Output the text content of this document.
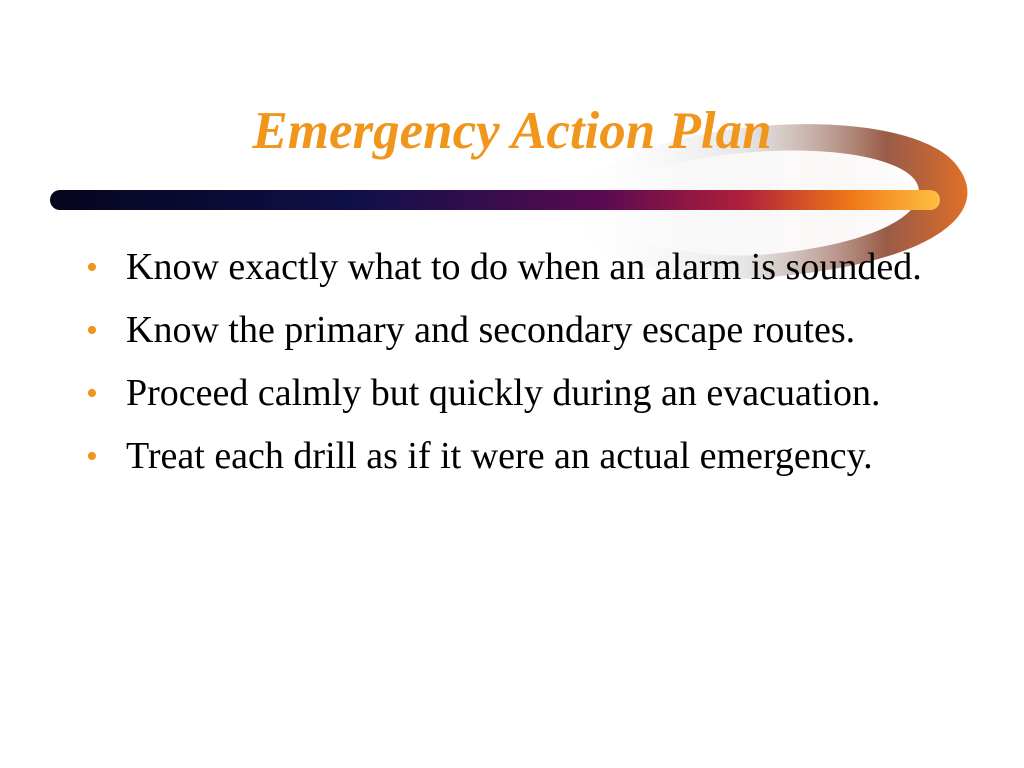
Emergency Action Plan
• Know exactly what to do when an alarm is sounded.
• Know the primary and secondary escape routes.
• Proceed calmly but quickly during an evacuation.
• Treat each drill as if it were an actual emergency.
